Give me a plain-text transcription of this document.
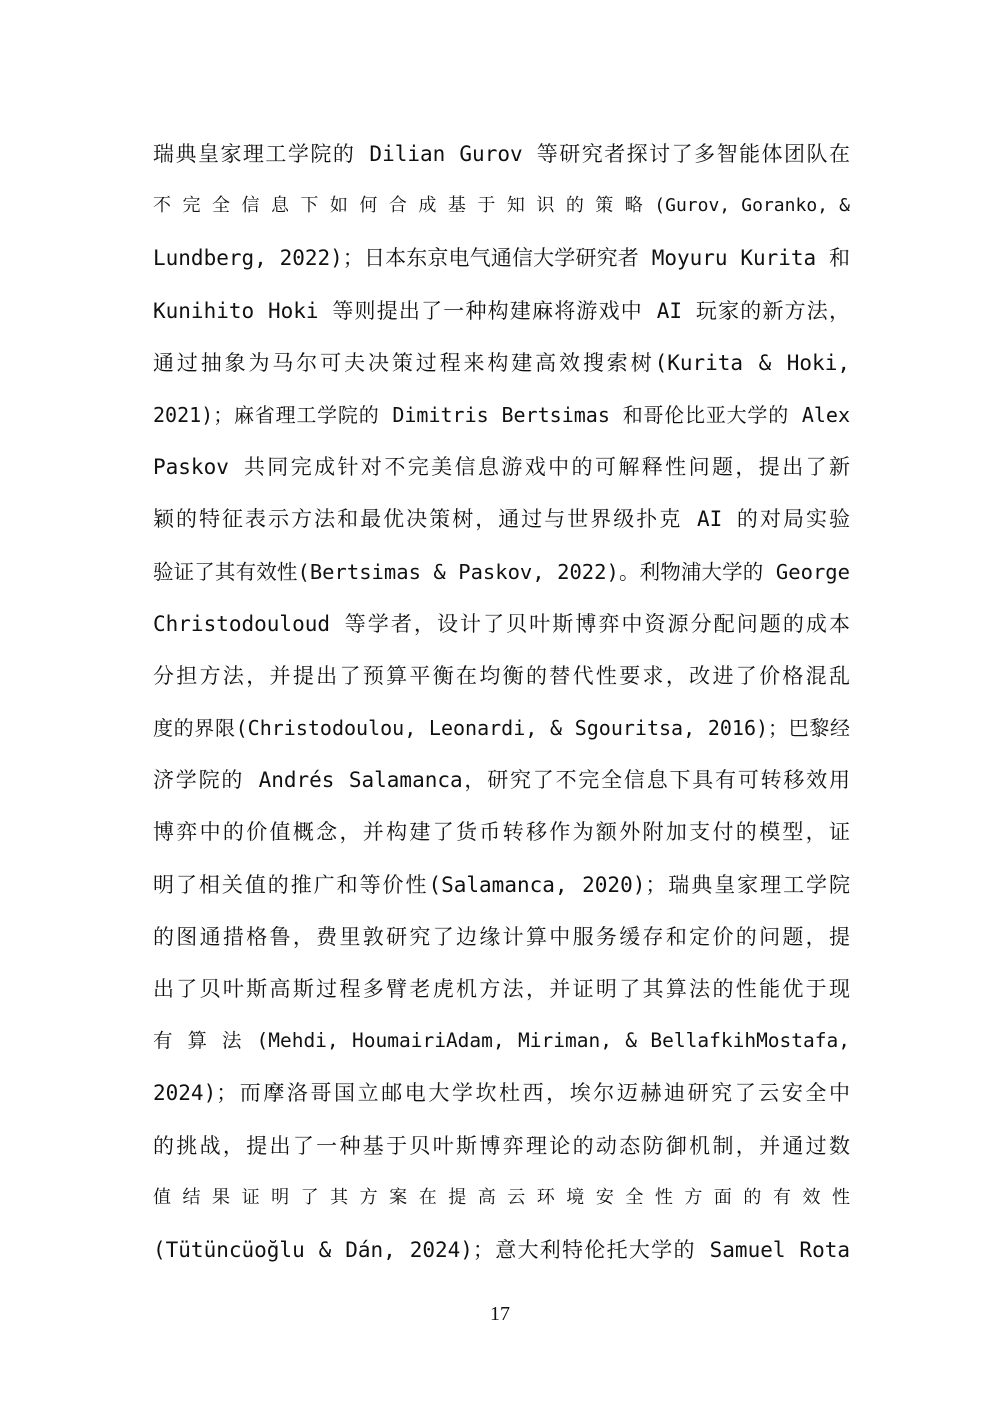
瑞典皇家理工学院的 Dilian Gurov 等研究者探讨了多智能体团队在
不 完 全 信 息 下 如 何 合 成 基 于 知 识 的 策 略 (Gurov, Goranko, &
Lundberg, 2022)；日本东京电气通信大学研究者 Moyuru Kurita 和
Kunihito Hoki 等则提出了一种构建麻将游戏中 AI 玩家的新方法，
通过抽象为马尔可夫决策过程来构建高效搜索树(Kurita & Hoki,
2021)；麻省理工学院的 Dimitris Bertsimas 和哥伦比亚大学的 Alex
Paskov 共同完成针对不完美信息游戏中的可解释性问题，提出了新
颖的特征表示方法和最优决策树，通过与世界级扑克 AI 的对局实验
验证了其有效性(Bertsimas & Paskov, 2022)。利物浦大学的 George
Christodouloud 等学者，设计了贝叶斯博弈中资源分配问题的成本
分担方法，并提出了预算平衡在均衡的替代性要求，改进了价格混乱
度的界限(Christodoulou, Leonardi, & Sgouritsa, 2016)；巴黎经
济学院的 Andrés Salamanca，研究了不完全信息下具有可转移效用
博弈中的价值概念，并构建了货币转移作为额外附加支付的模型，证
明了相关值的推广和等价性(Salamanca, 2020)；瑞典皇家理工学院
的图通措格鲁，费里敦研究了边缘计算中服务缓存和定价的问题，提
出了贝叶斯高斯过程多臂老虎机方法，并证明了其算法的性能优于现
有 算 法 (Mehdi, HoumairiAdam, Miriman, & BellafkihMostafa,
2024)；而摩洛哥国立邮电大学坎杜西，埃尔迈赫迪研究了云安全中
的挑战，提出了一种基于贝叶斯博弈理论的动态防御机制，并通过数
值 结 果 证 明 了 其 方 案 在 提 高 云 环 境 安 全 性 方 面 的 有 效 性
(Tütüncüoğlu & Dán, 2024)；意大利特伦托大学的 Samuel Rota
17
